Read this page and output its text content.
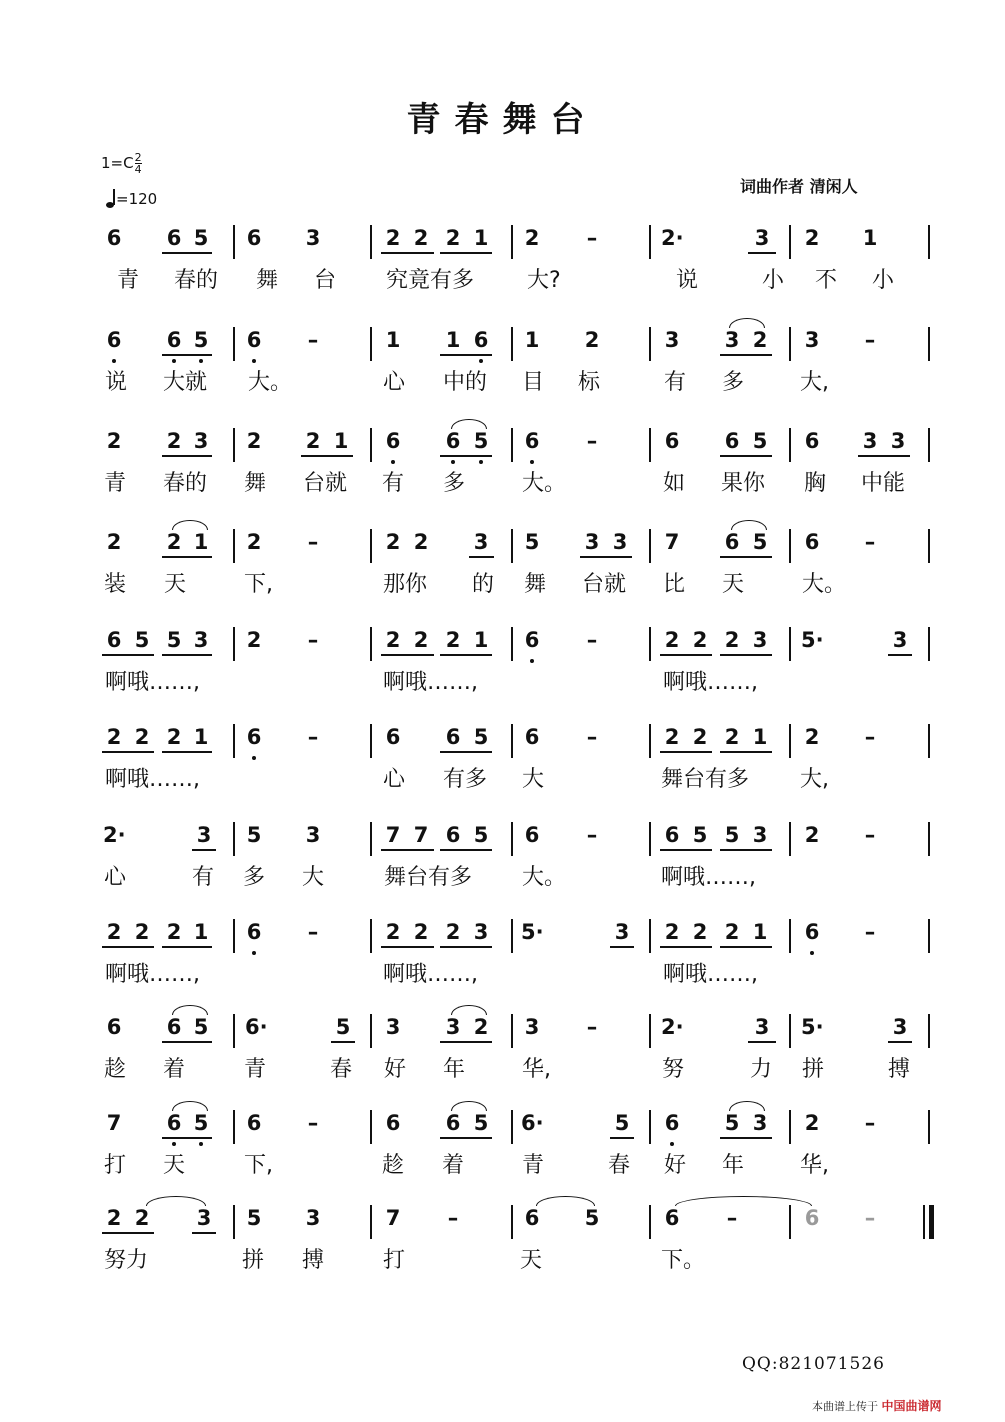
青春舞台
$1=C \frac{2}{4}$
=120
词曲作者 清闲人
6 6 5 6 3	2 2 2 1 2 –	2·	3 2 1
青 春的 舞 台 究竟有多 大?	说	小 不 小
6 6 5 6 –	1 1 6 1 2	3 3 2 3 –
说 大就 大。	心 中的 目 标	有 多	大,
2 2 3 2 2 1 6 6 5 6 –	6 6 5 6 3 3
青 春的 舞 台就 有 多	大。	如 果你 胸 中能
2 2 1 2 –	2 2 3 5 3 3 7 6 5 6 –
装 天	下,	那你 的 舞 台就 比 天	大。
6 5 5 3 2 –	2 2 2 1 6 –	2 2 2 3 5·	3
啊哦……,	啊哦……,	啊哦……,
2 2 2 1 6 –	6 6 5 6 –	2 2 2 1 2 –
啊哦……,	心 有多 大	舞台有多 大,
2·	3 5 3	7 7 6 5 6 –	6 5 5 3 2 –
心	有 多 大	舞台有多 大。	啊哦……,
2 2 2 1 6 –	2 2 2 3 5·	3 2 2 2 1 6 –
啊哦……,	啊哦……,	啊哦……,
6 6 5 6·	5 3 3 2 3 –	2·	3 5·	3
趁 着	青	春 好 年	华,	努	力 拼	搏
7 6 5 6 –	6 6 5 6·	5 6 5 3 2 –
打 天	下,	趁 着	青	春 好 年	华,
2 2 3 5 3	7 –	6 5	6 –	6 –
努力	拼 搏	打	天	下。
QQ:821071526
本曲谱上传于 中国曲谱网
